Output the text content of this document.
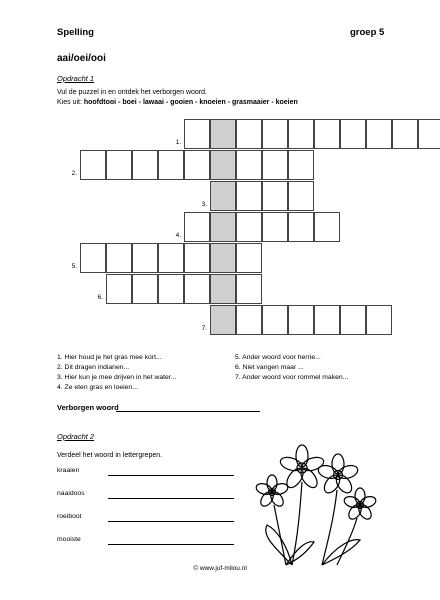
Spelling	groep 5
aai/oei/ooi
Opdracht 1
Vul de puzzel in en ontdek het verborgen woord.
Kies uit: hoofdtooi - boei - lawaai - gooien - knoeien - grasmaaier - koeien
1.
2.
3.
4.
5.
6.
7.
1. Hier houd je het gras mee kort...
2. Dit dragen indianen...
3. Hier kun je mee drijven in het water...
4. Ze eten gras en loeien...
5. Ander woord voor herrie...
6. Niet vangen maar ...
7. Ander woord voor rommel maken...
Verborgen woord
Opdracht 2
Verdeel het woord in lettergrepen.
kraaien
naaidoos
roeiboot
mooiste
© www.juf-milou.nl
